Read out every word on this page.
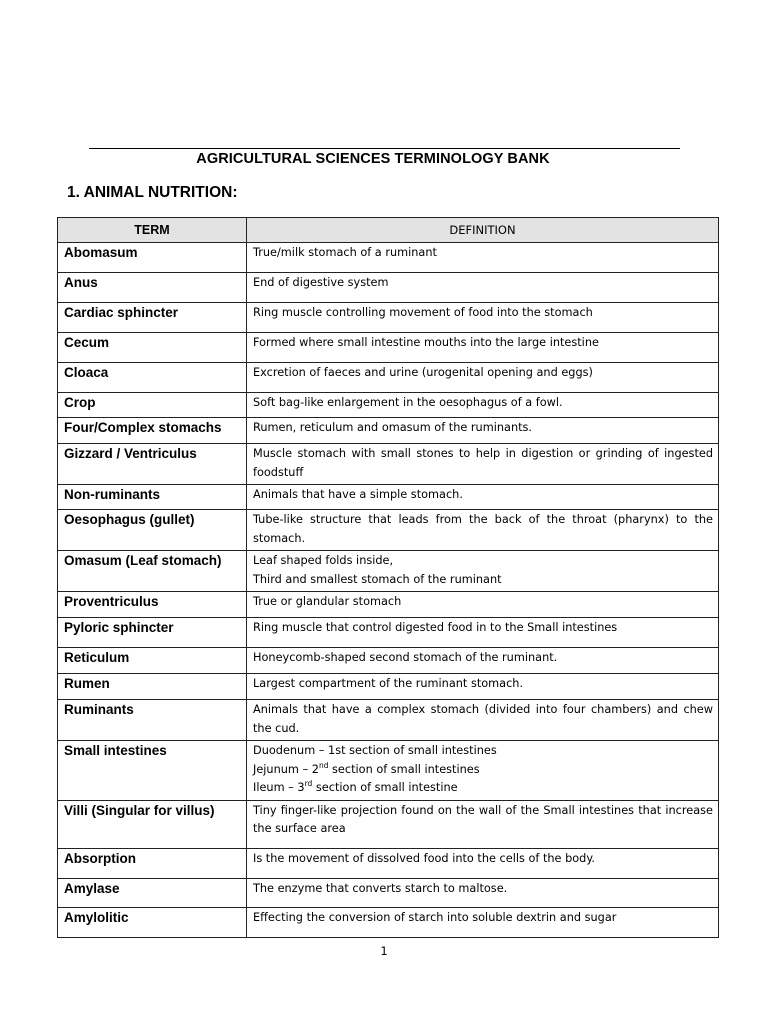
AGRICULTURAL SCIENCES TERMINOLOGY BANK
1. ANIMAL NUTRITION:
TERM	DEFINITION
Abomasum	True/milk stomach of a ruminant
Anus	End of digestive system
Cardiac sphincter	Ring muscle controlling movement of food into the stomach
Cecum	Formed where small intestine mouths into the large intestine
Cloaca	Excretion of faeces and urine (urogenital opening and eggs)
Crop	Soft bag-like enlargement in the oesophagus of a fowl.
Four/Complex stomachs	Rumen, reticulum and omasum of the ruminants.
Gizzard / Ventriculus	Muscle stomach with small stones to help in digestion or grinding of ingested foodstuff
Non-ruminants	Animals that have a simple stomach.
Oesophagus (gullet)	Tube-like structure that leads from the back of the throat (pharynx) to the stomach.
Omasum (Leaf stomach)	Leaf shaped folds inside,
Third and smallest stomach of the ruminant

Proventriculus	True or glandular stomach
Pyloric sphincter	Ring muscle that control digested food in to the Small intestines
Reticulum	Honeycomb-shaped second stomach of the ruminant.
Rumen	Largest compartment of the ruminant stomach.
Ruminants	Animals that have a complex stomach (divided into four chambers) and chew the cud.
Small intestines	Duodenum – 1st section of small intestines
Jejunum – 2nd section of small intestines
Ileum – 3rd section of small intestine

Villi (Singular for villus)	Tiny finger-like projection found on the wall of the Small intestines that increase the surface area
Absorption	Is the movement of dissolved food into the cells of the body.
Amylase	The enzyme that converts starch to maltose.
Amylolitic	Effecting the conversion of starch into soluble dextrin and sugar
1
